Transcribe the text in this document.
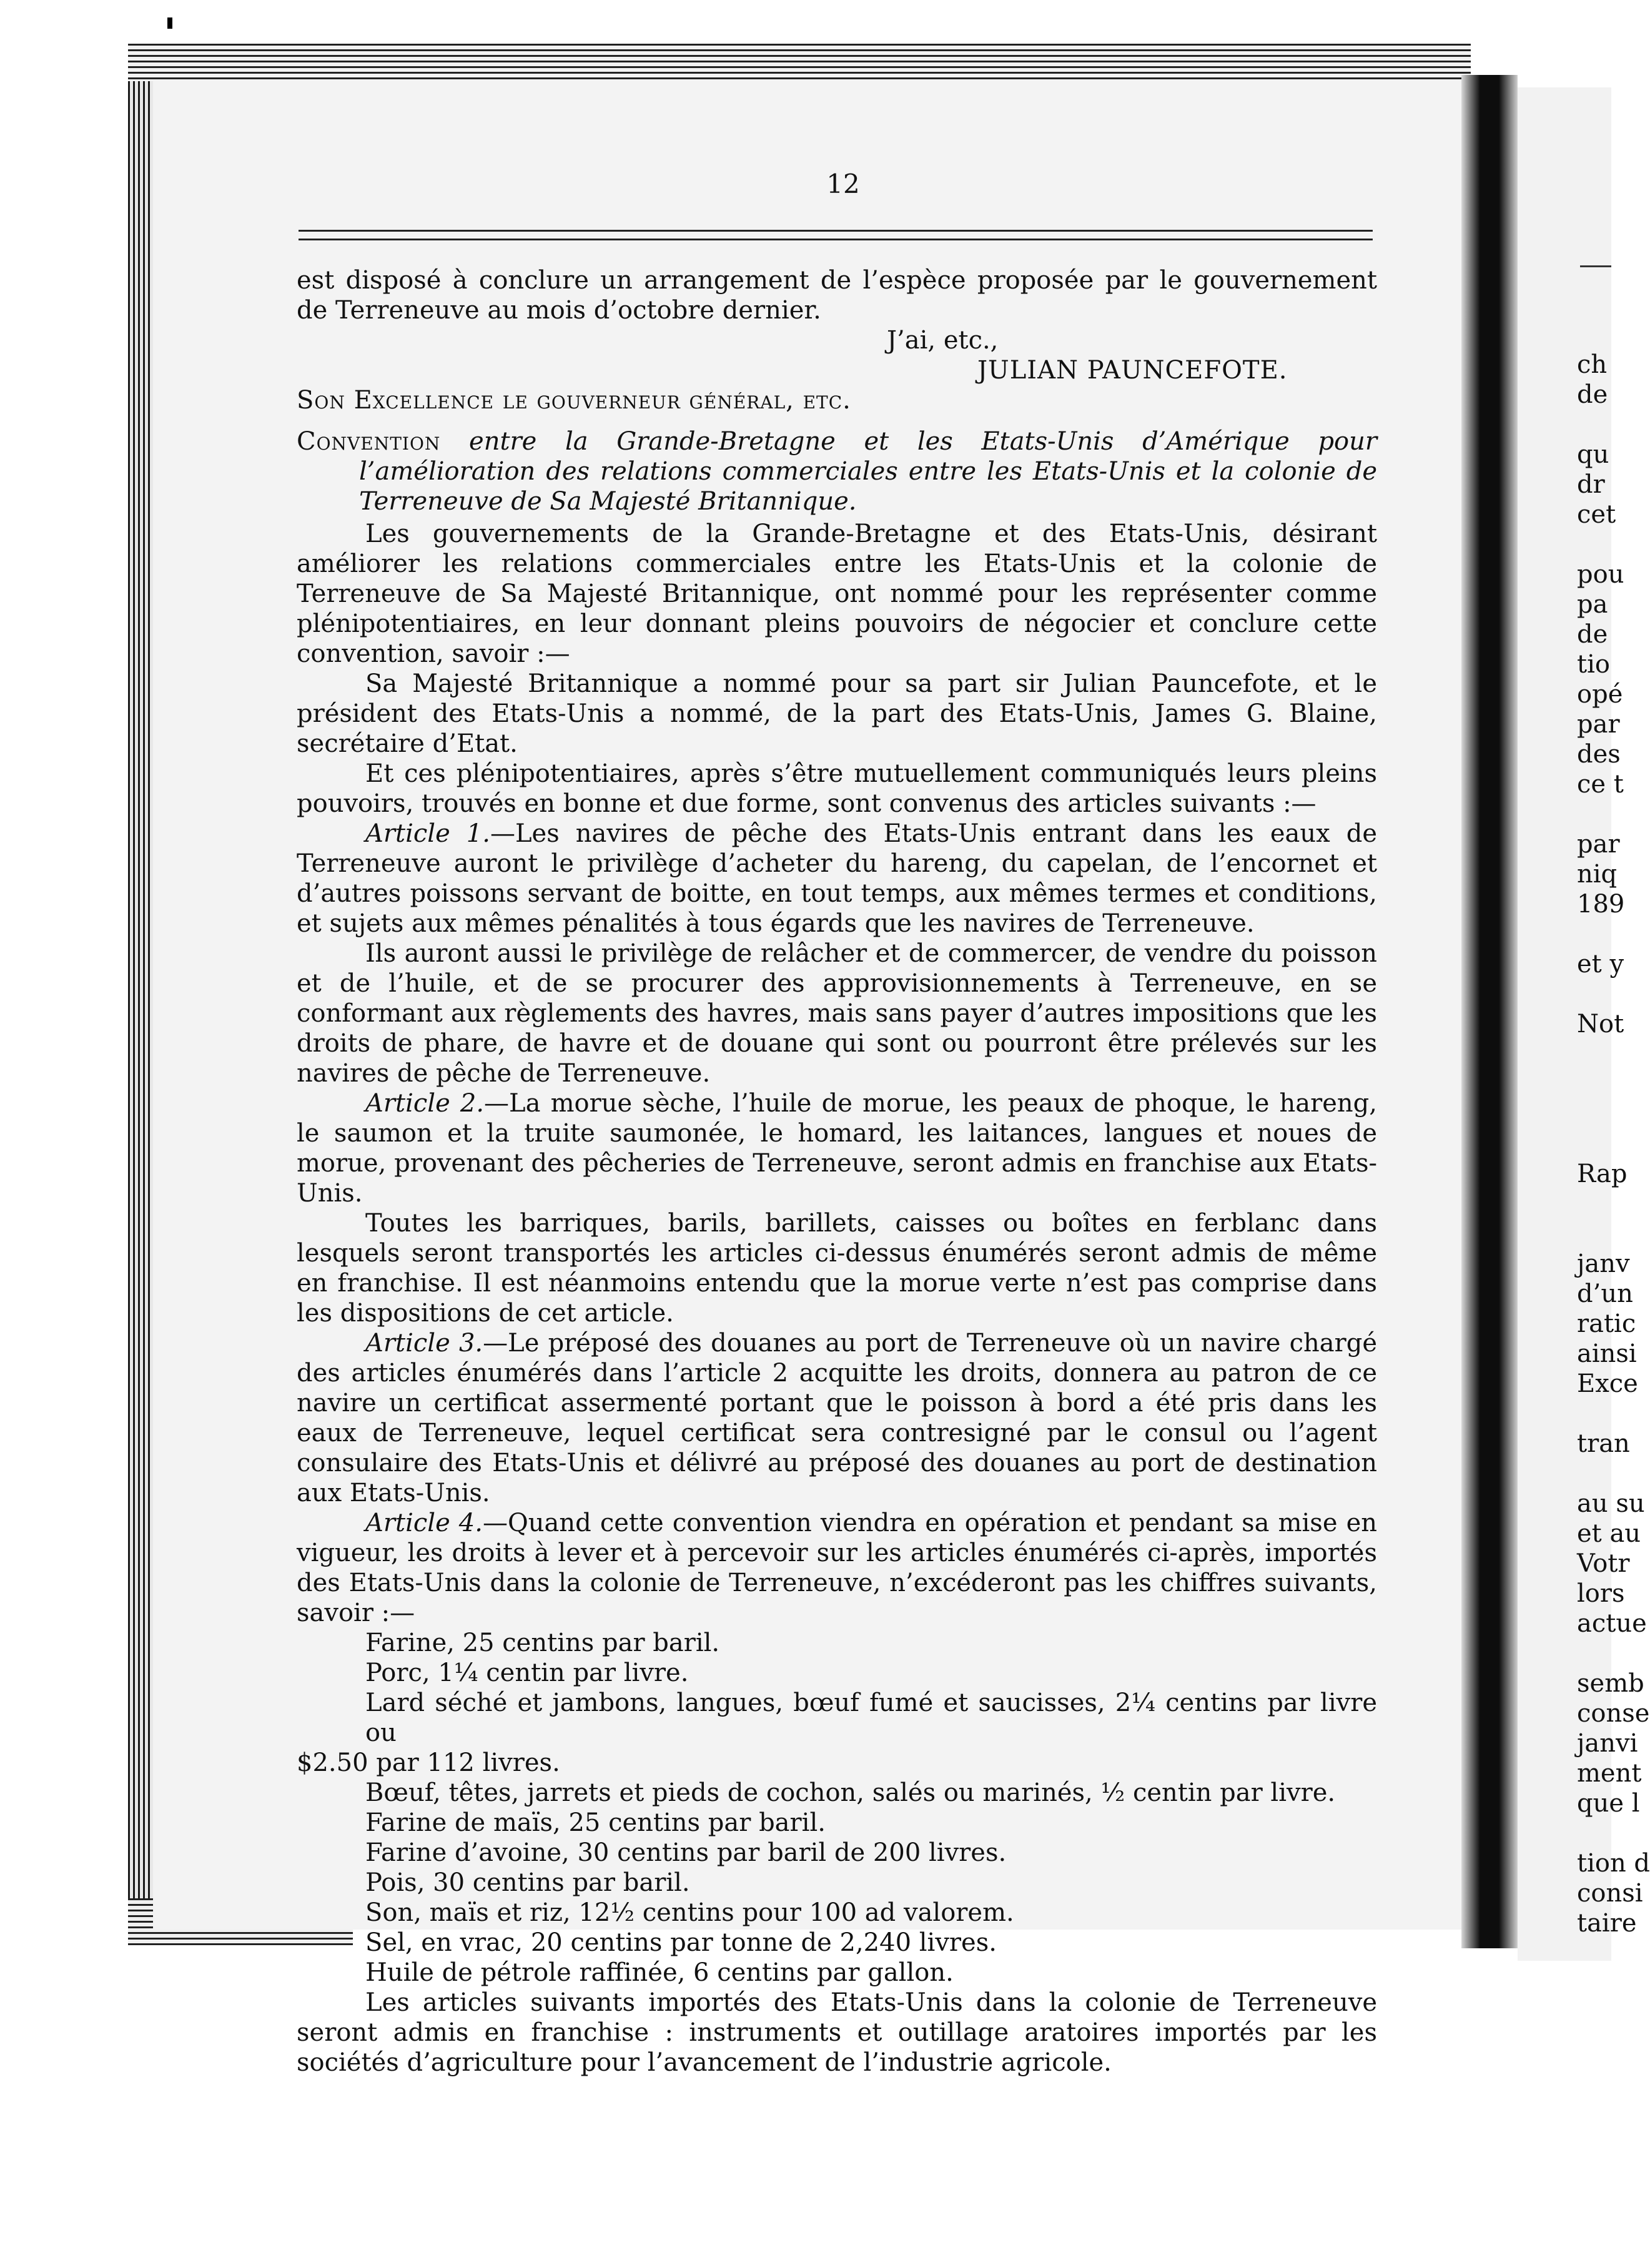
12

est disposé à conclure un arrangement de l’espèce proposée par le gouvernement de Terreneuve au mois d’octobre dernier.

J’ai, etc.,

JULIAN PAUNCEFOTE.

Son Excellence le gouverneur général, etc.

Convention entre la Grande-Bretagne et les Etats-Unis d’Amérique pour l’amélioration des relations commerciales entre les Etats-Unis et la colonie de Terreneuve de Sa Majesté Britannique.

Les gouvernements de la Grande-Bretagne et des Etats-Unis, désirant améliorer les relations commerciales entre les Etats-Unis et la colonie de Terreneuve de Sa Majesté Britannique, ont nommé pour les représenter comme plénipotentiaires, en leur donnant pleins pouvoirs de négocier et conclure cette convention, savoir :—

Sa Majesté Britannique a nommé pour sa part sir Julian Pauncefote, et le président des Etats-Unis a nommé, de la part des Etats-Unis, James G. Blaine, secrétaire d’Etat.

Et ces plénipotentiaires, après s’être mutuellement communiqués leurs pleins pouvoirs, trouvés en bonne et due forme, sont convenus des articles suivants :—

Article 1.—Les navires de pêche des Etats-Unis entrant dans les eaux de Terreneuve auront le privilège d’acheter du hareng, du capelan, de l’encornet et d’autres poissons servant de boitte, en tout temps, aux mêmes termes et conditions, et sujets aux mêmes pénalités à tous égards que les navires de Terreneuve.

Ils auront aussi le privilège de relâcher et de commercer, de vendre du poisson et de l’huile, et de se procurer des approvisionnements à Terreneuve, en se conformant aux règlements des havres, mais sans payer d’autres impositions que les droits de phare, de havre et de douane qui sont ou pourront être prélevés sur les navires de pêche de Terreneuve.

Article 2.—La morue sèche, l’huile de morue, les peaux de phoque, le hareng, le saumon et la truite saumonée, le homard, les laitances, langues et noues de morue, provenant des pêcheries de Terreneuve, seront admis en franchise aux Etats-Unis.

Toutes les barriques, barils, barillets, caisses ou boîtes en ferblanc dans lesquels seront transportés les articles ci-dessus énumérés seront admis de même en franchise. Il est néanmoins entendu que la morue verte n’est pas comprise dans les dispositions de cet article.

Article 3.—Le préposé des douanes au port de Terreneuve où un navire chargé des articles énumérés dans l’article 2 acquitte les droits, donnera au patron de ce navire un certificat assermenté portant que le poisson à bord a été pris dans les eaux de Terreneuve, lequel certificat sera contresigné par le consul ou l’agent consulaire des Etats-Unis et délivré au préposé des douanes au port de destination aux Etats-Unis.

Article 4.—Quand cette convention viendra en opération et pendant sa mise en vigueur, les droits à lever et à percevoir sur les articles énumérés ci-après, importés des Etats-Unis dans la colonie de Terreneuve, n’excéderont pas les chiffres suivants, savoir :—

Farine, 25 centins par baril.

Porc, 1¼ centin par livre.

Lard séché et jambons, langues, bœuf fumé et saucisses, 2¼ centins par livre ou

$2.50 par 112 livres.

Bœuf, têtes, jarrets et pieds de cochon, salés ou marinés, ½ centin par livre.

Farine de maïs, 25 centins par baril.

Farine d’avoine, 30 centins par baril de 200 livres.

Pois, 30 centins par baril.

Son, maïs et riz, 12½ centins pour 100 ad valorem.

Sel, en vrac, 20 centins par tonne de 2,240 livres.

Huile de pétrole raffinée, 6 centins par gallon.

Les articles suivants importés des Etats-Unis dans la colonie de Terreneuve seront admis en franchise : instruments et outillage aratoires importés par les sociétés d’agriculture pour l’avancement de l’industrie agricole.

ch
de
qu
dr
cet
pou
pa
de
tio
opé
par
des
ce t
par
niq
189
et y
Not
Rap
janv
d’un
ratic
ainsi
Exce
tran
au su
et au
Votr
lors
actue
semb
conse
janvi
ment
que l
tion d
consi
taire
